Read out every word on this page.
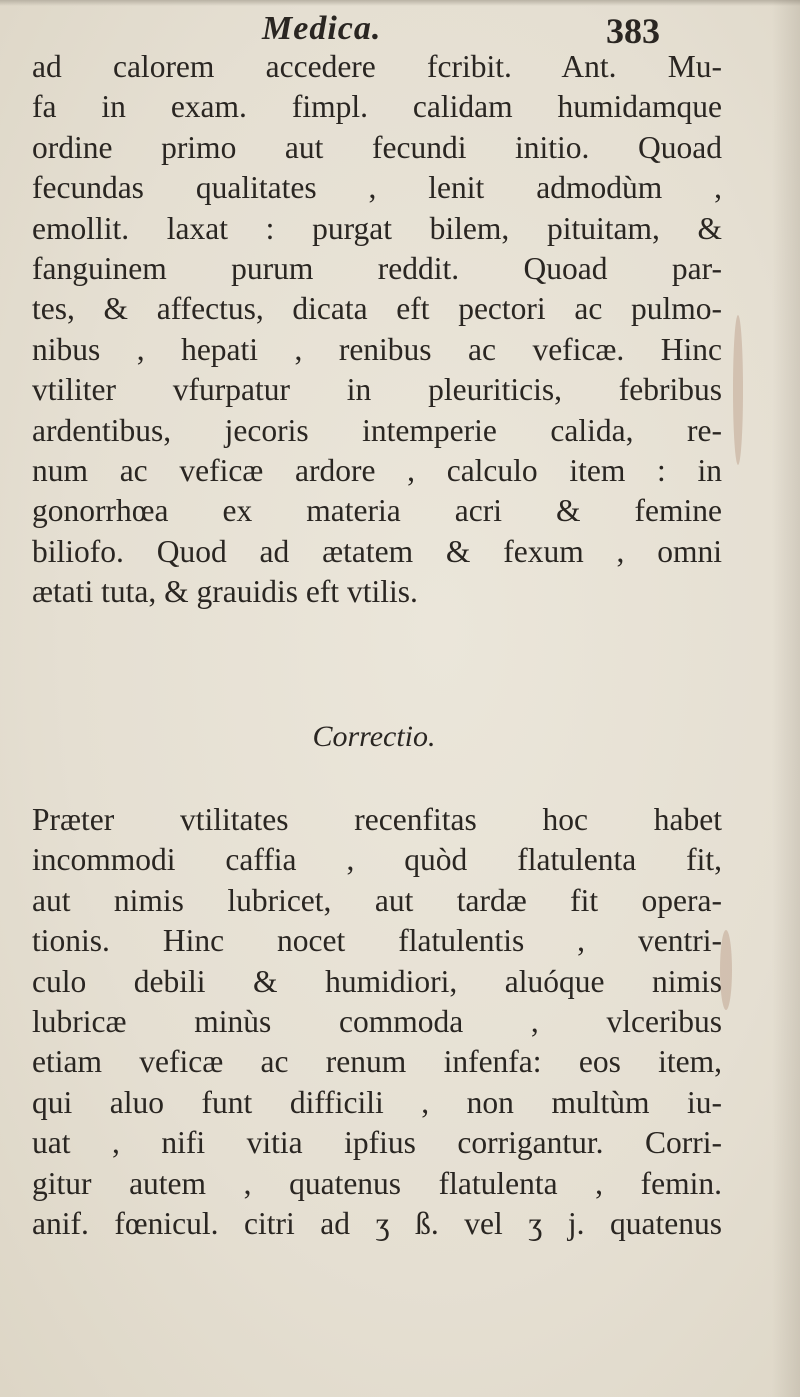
Medica.	383
ad calorem accedere fcribit. Ant. Mu-
fa in exam. fimpl. calidam humidamque
ordine primo aut fecundi initio. Quoad
fecundas qualitates , lenit admodùm ,
emollit. laxat : purgat bilem, pituitam, &
fanguinem purum reddit. Quoad par-
tes, & affectus, dicata eft pectori ac pulmo-
nibus , hepati , renibus ac veficæ. Hinc
vtiliter vfurpatur in pleuriticis, febribus
ardentibus, jecoris intemperie calida, re-
num ac veficæ ardore , calculo item : in
gonorrhœa ex materia acri & femine
biliofo. Quod ad ætatem & fexum , omni
ætati tuta, & grauidis eft vtilis.
Correctio.
Præter vtilitates recenfitas hoc habet
incommodi caffia , quòd flatulenta fit,
aut nimis lubricet, aut tardæ fit opera-
tionis. Hinc nocet flatulentis , ventri-
culo debili & humidiori, aluóque nimis
lubricæ minùs commoda , vlceribus
etiam veficæ ac renum infenfa: eos item,
qui aluo funt difficili , non multùm iu-
uat , nifi vitia ipfius corrigantur. Corri-
gitur autem , quatenus flatulenta , femin.
anif. fœnicul. citri ad ʒ ß. vel ʒ j. quatenus
